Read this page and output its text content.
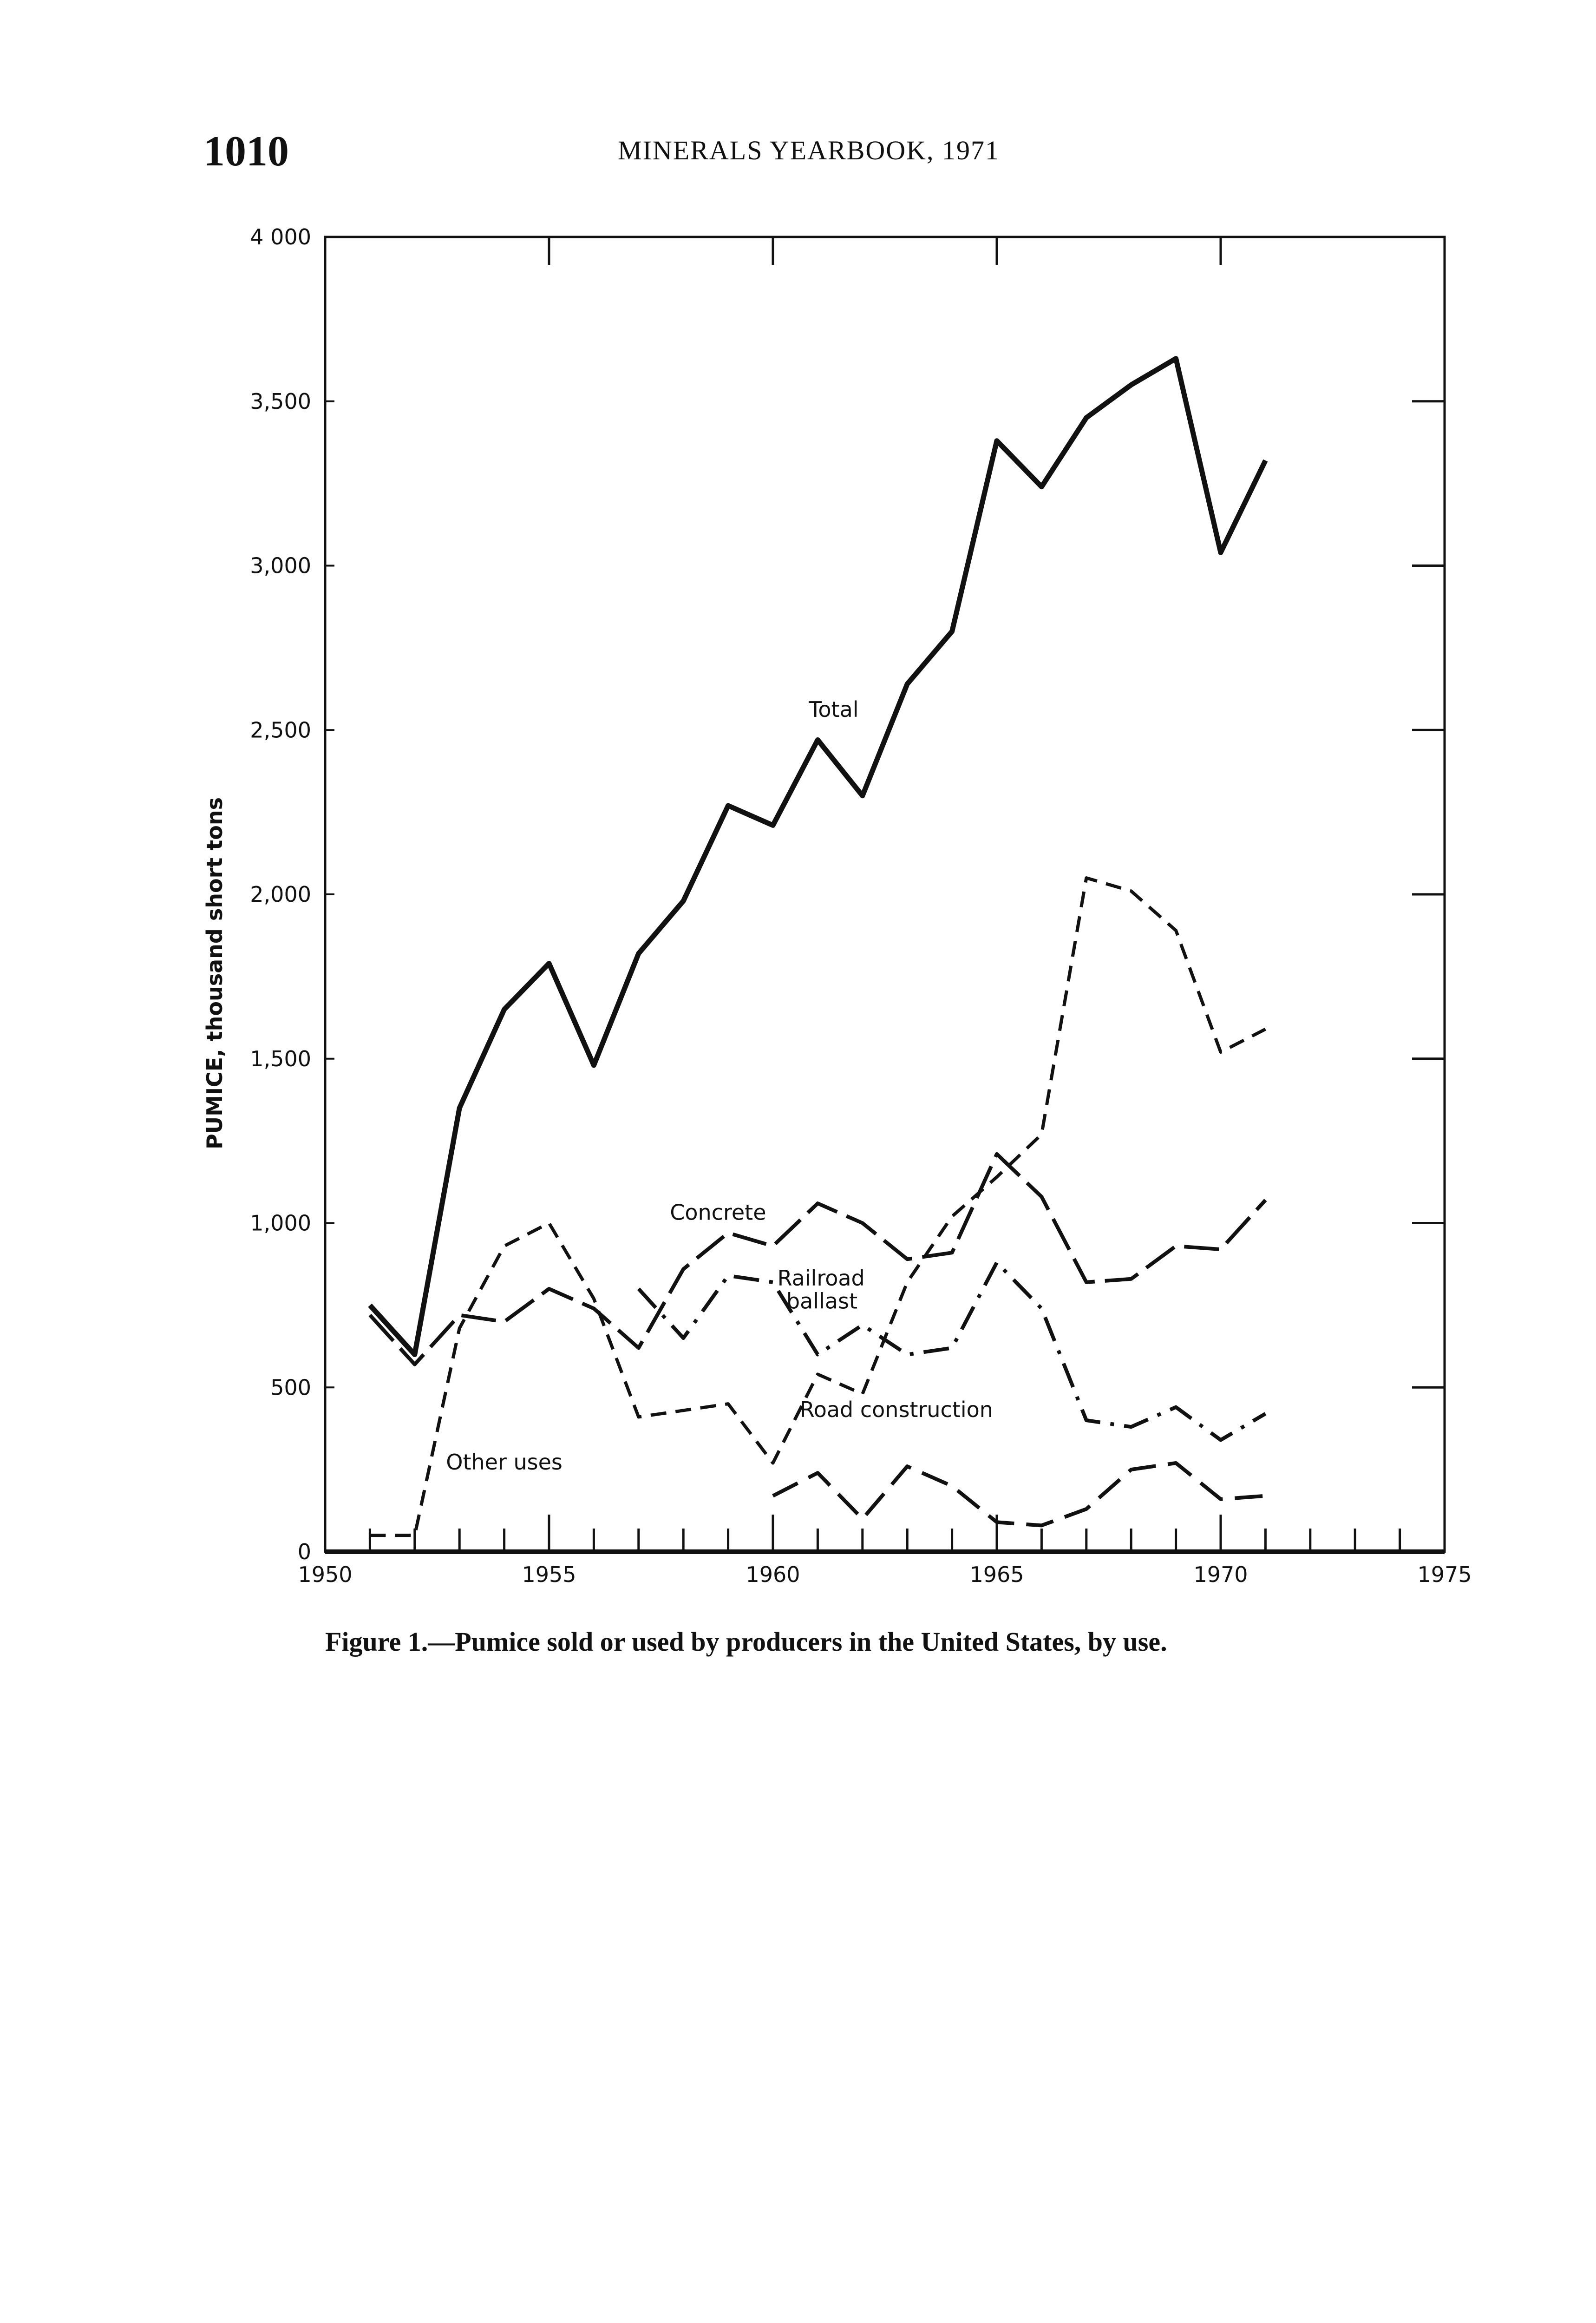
1010	MINERALS YEARBOOK, 1971
1950	1955	1960	1965	1970	1975
0
500
1,000
1,500
2,000
2,500
3,000
3,500
4 000
Total
Concrete
Railroad
ballast
Road construction
Other uses
PUMICE, thousand short tons
Figure 1.—Pumice sold or used by producers in the United States, by use.
